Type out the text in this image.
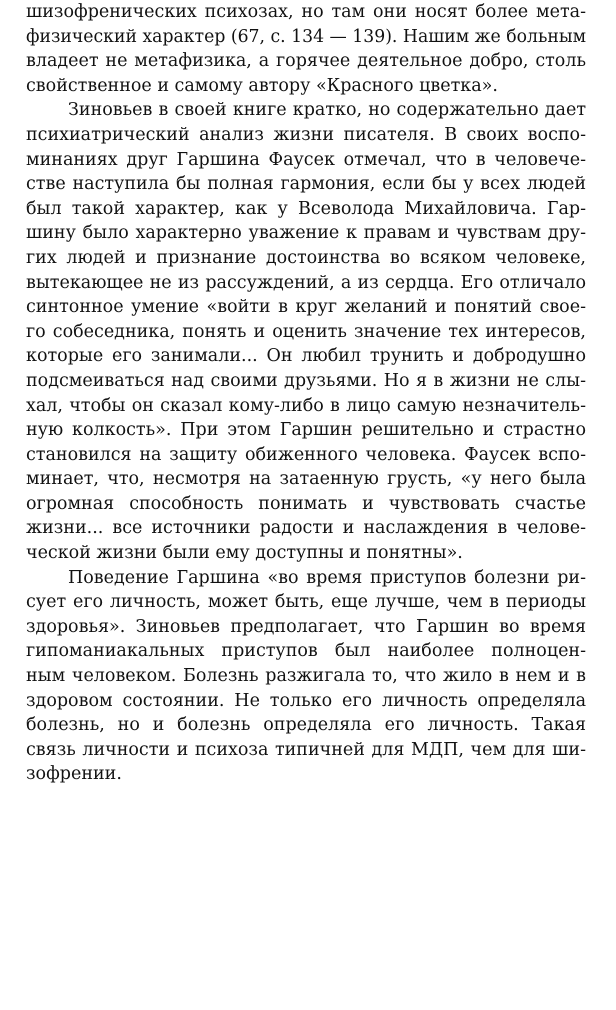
шизофренических психозах, но там они носят более мета-
физический характер (67, с. 134 — 139). Нашим же больным
владеет не метафизика, а горячее деятельное добро, столь
свойственное и самому автору «Красного цветка».
Зиновьев в своей книге кратко, но содержательно дает
психиатрический анализ жизни писателя. В своих воспо-
минаниях друг Гаршина Фаусек отмечал, что в человече-
стве наступила бы полная гармония, если бы у всех людей
был такой характер, как у Всеволода Михайловича. Гар-
шину было характерно уважение к правам и чувствам дру-
гих людей и признание достоинства во всяком человеке,
вытекающее не из рассуждений, а из сердца. Его отличало
синтонное умение «войти в круг желаний и понятий свое-
го собеседника, понять и оценить значение тех интересов,
которые его занимали... Он любил трунить и добродушно
подсмеиваться над своими друзьями. Но я в жизни не слы-
хал, чтобы он сказал кому-либо в лицо самую незначитель-
ную колкость». При этом Гаршин решительно и страстно
становился на защиту обиженного человека. Фаусек вспо-
минает, что, несмотря на затаенную грусть, «у него была
огромная способность понимать и чувствовать счастье
жизни... все источники радости и наслаждения в челове-
ческой жизни были ему доступны и понятны».
Поведение Гаршина «во время приступов болезни ри-
сует его личность, может быть, еще лучше, чем в периоды
здоровья». Зиновьев предполагает, что Гаршин во время
гипоманиакальных приступов был наиболее полноцен-
ным человеком. Болезнь разжигала то, что жило в нем и в
здоровом состоянии. Не только его личность определяла
болезнь, но и болезнь определяла его личность. Такая
связь личности и психоза типичней для МДП, чем для ши-
зофрении.
